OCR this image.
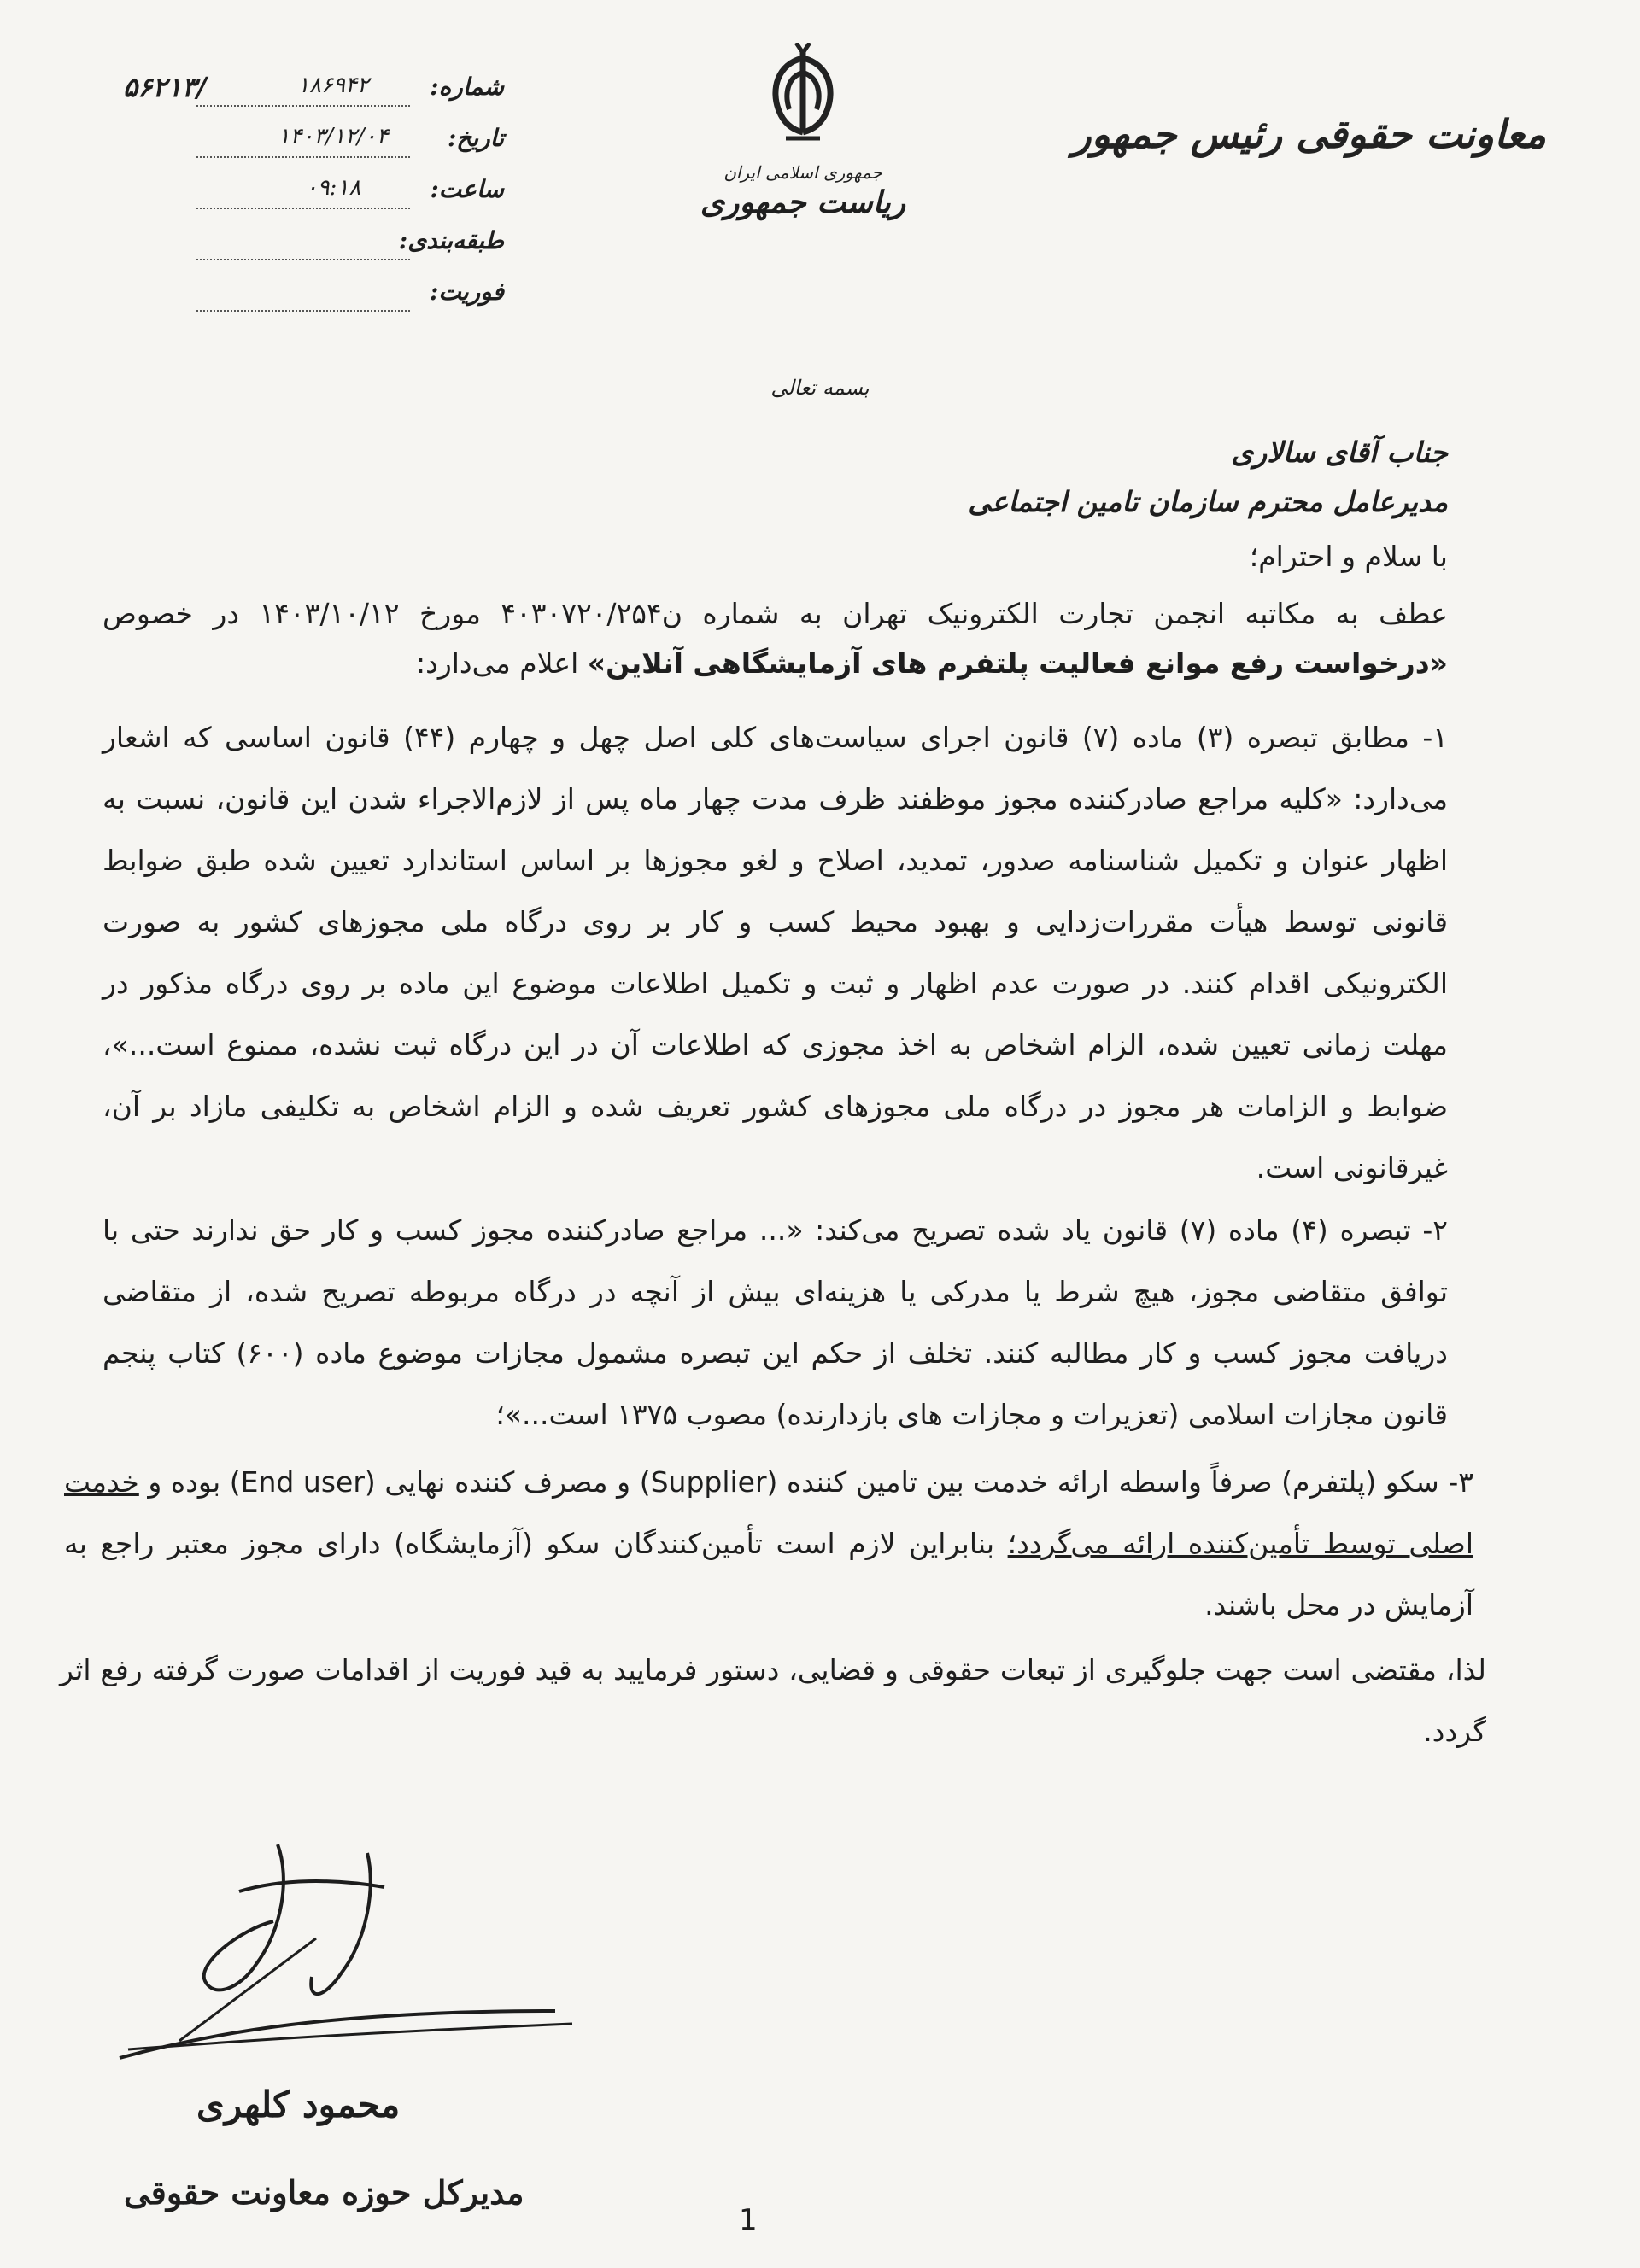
معاونت حقوقی رئیس جمهور
جمهوری اسلامی ایران
ریاست جمهوری
شماره:
۱۸۶۹۴۲
۵۶۲۱۳/
تاریخ:
۱۴۰۳/۱۲/۰۴
ساعت:
۰۹:۱۸
طبقه‌بندی:
فوریت:
بسمه تعالی
جناب آقای سالاری
مدیرعامل محترم سازمان تامین اجتماعی
با سلام و احترام؛

عطف به مکاتبه انجمن تجارت الکترونیک تهران به شماره ن۴۰۳۰۷۲۰/۲۵۴ مورخ ۱۴۰۳/۱۰/۱۲ در خصوص «درخواست رفع موانع فعالیت پلتفرم های آزمایشگاهی آنلاین» اعلام می‌دارد:

۱- مطابق تبصره (۳) ماده (۷) قانون اجرای سیاست‌های کلی اصل چهل و چهارم (۴۴) قانون اساسی که اشعار می‌دارد: «کلیه مراجع صادرکننده مجوز موظفند ظرف مدت چهار ماه پس از لازم‌الاجراء شدن این قانون، نسبت به اظهار عنوان و تکمیل شناسنامه صدور، تمدید، اصلاح و لغو مجوزها بر اساس استاندارد تعیین شده طبق ضوابط قانونی توسط هیأت مقررات‌زدایی و بهبود محیط کسب و کار بر روی درگاه ملی مجوزهای کشور به صورت الکترونیکی اقدام کنند. در صورت عدم اظهار و ثبت و تکمیل اطلاعات موضوع این ماده بر روی درگاه مذکور در مهلت زمانی تعیین شده، الزام اشخاص به اخذ مجوزی که اطلاعات آن در این درگاه ثبت نشده، ممنوع است...»، ضوابط و الزامات هر مجوز در درگاه ملی مجوزهای کشور تعریف شده و الزام اشخاص به تکلیفی مازاد بر آن، غیرقانونی است.
۲- تبصره (۴) ماده (۷) قانون یاد شده تصریح می‌کند: «... مراجع صادرکننده مجوز کسب و کار حق ندارند حتی با توافق متقاضی مجوز، هیچ شرط یا مدرکی یا هزینه‌ای بیش از آنچه در درگاه مربوطه تصریح شده، از متقاضی دریافت مجوز کسب و کار مطالبه کنند. تخلف از حکم این تبصره مشمول مجازات موضوع ماده (۶۰۰) کتاب پنجم قانون مجازات اسلامی (تعزیرات و مجازات های بازدارنده) مصوب ۱۳۷۵ است...»؛
۳- سکو (پلتفرم) صرفاً واسطه ارائه خدمت بین تامین کننده (Supplier) و مصرف کننده نهایی (End user) بوده و خدمت اصلی توسط تأمین‌کننده ارائه می‌گردد؛ بنابراین لازم است تأمین‌کنندگان سکو (آزمایشگاه) دارای مجوز معتبر راجع به آزمایش در محل باشند.
لذا، مقتضی است جهت جلوگیری از تبعات حقوقی و قضایی، دستور فرمایید به قید فوریت از اقدامات صورت گرفته رفع اثر گردد.
محمود کلهری
مدیرکل حوزه معاونت حقوقی
1
